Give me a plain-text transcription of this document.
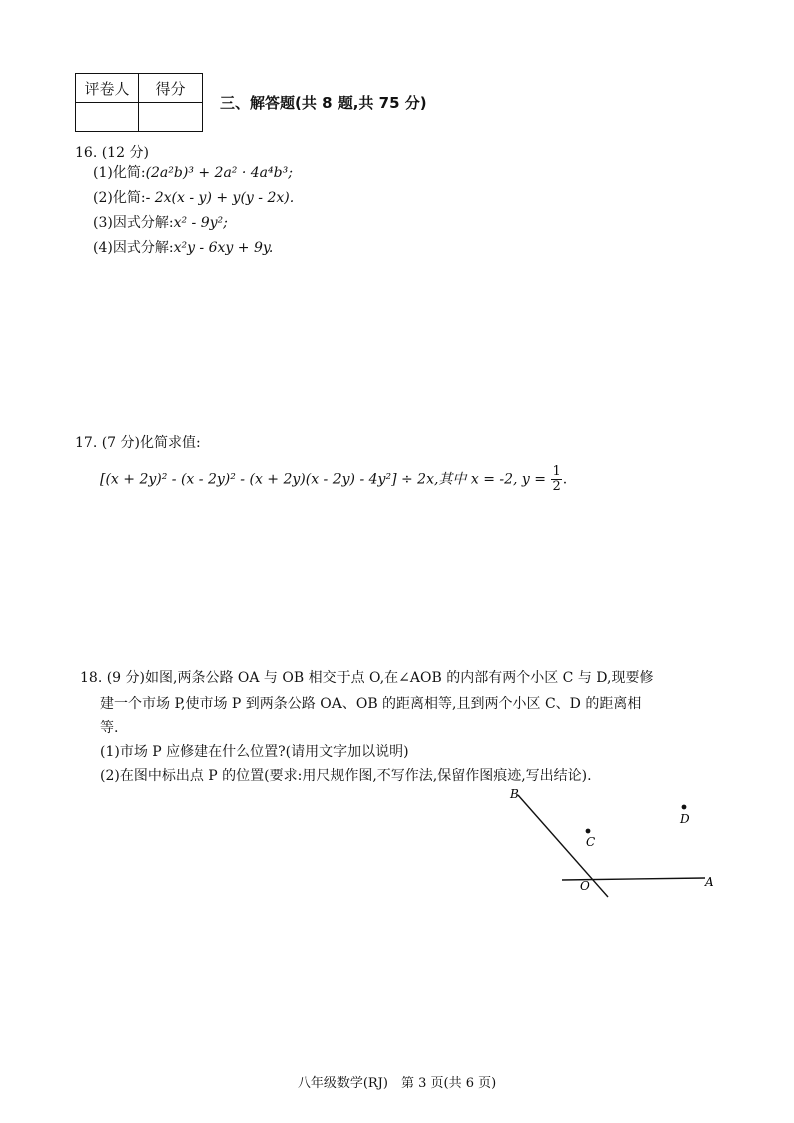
评卷人	得分

三、解答题(共 8 题,共 75 分)
16. (12 分)
(1)化简:(2a²b)³ + 2a² · 4a⁴b³;
(2)化简:- 2x(x - y) + y(y - 2x).
(3)因式分解:x² - 9y²;
(4)因式分解:x²y - 6xy + 9y.
17. (7 分)化简求值:
[(x + 2y)² - (x - 2y)² - (x + 2y)(x - 2y) - 4y²] ÷ 2x,其中 x = -2, $y = \frac{1}{2}$ .
18. (9 分)如图,两条公路 OA 与 OB 相交于点 O,在∠AOB 的内部有两个小区 C 与 D,现要修
建一个市场 P,使市场 P 到两条公路 OA、OB 的距离相等,且到两个小区 C、D 的距离相
等.
(1)市场 P 应修建在什么位置?(请用文字加以说明)
(2)在图中标出点 P 的位置(要求:用尺规作图,不写作法,保留作图痕迹,写出结论).
B
O	A
C
D
八年级数学(RJ)　第 3 页(共 6 页)
